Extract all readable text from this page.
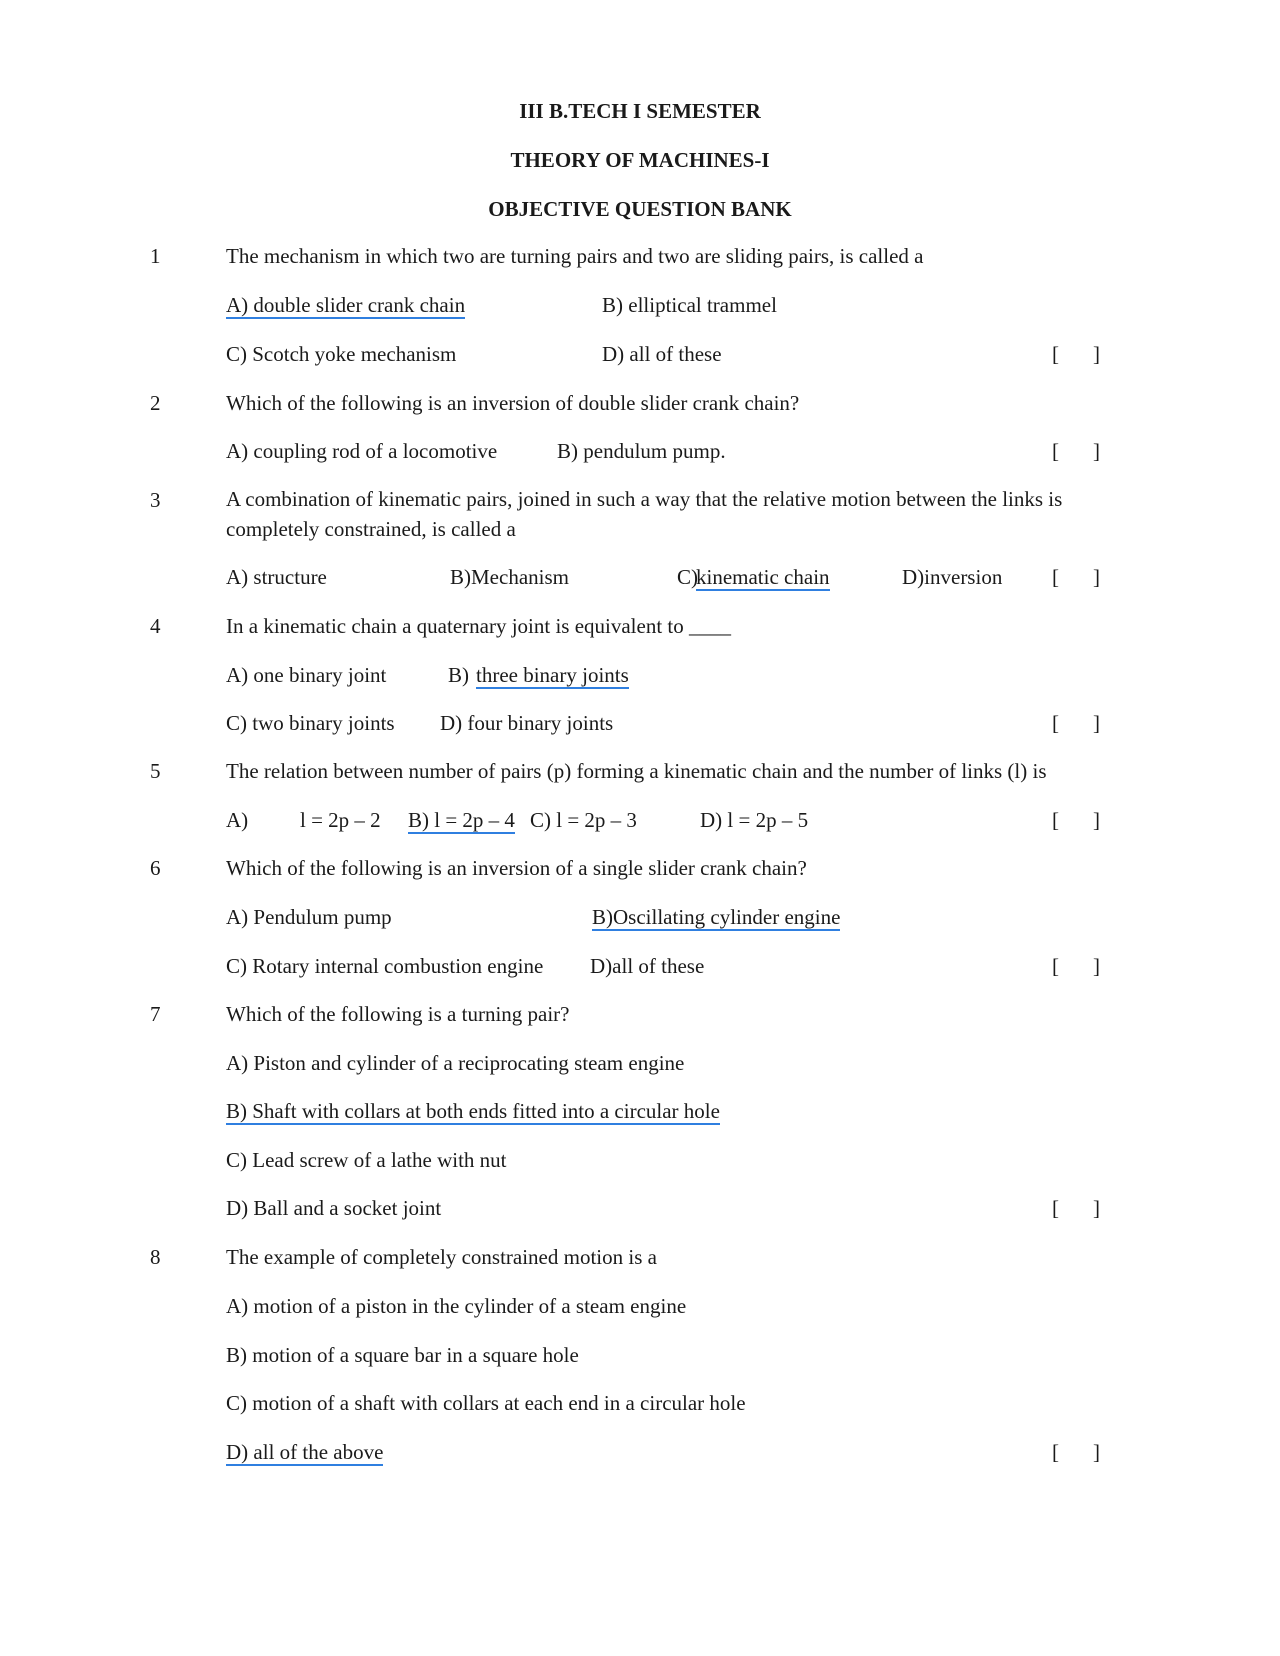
III B.TECH I SEMESTER
THEORY OF MACHINES-I
OBJECTIVE QUESTION BANK
1	The mechanism in which two are turning pairs and two are sliding pairs, is called a
A) double slider crank chain	B) elliptical trammel
C) Scotch yoke mechanism	D) all of these	[ ]
2	Which of the following is an inversion of double slider crank chain?
A) coupling rod of a locomotive	B) pendulum pump.	[ ]
3	A combination of kinematic pairs, joined in such a way that the relative motion between the links is completely constrained, is called a
A) structure	B)Mechanism	C)
kinematic chain	D)inversion [ ]
4	In a kinematic chain a quaternary joint is equivalent to ____
A) one binary joint	B) three binary joints
C) two binary joints D) four binary joints	[ ]
5	The relation between number of pairs (p) forming a kinematic chain and the number of links (l) is
A) l = 2p – 2 B) l = 2p – 4 C) l = 2p – 3	D) l = 2p – 5	[ ]
6	Which of the following is an inversion of a single slider crank chain?
A) Pendulum pump	B)Oscillating cylinder engine
C) Rotary internal combustion engine D)all of these	[ ]
7	Which of the following is a turning pair?
A) Piston and cylinder of a reciprocating steam engine
B) Shaft with collars at both ends fitted into a circular hole
C) Lead screw of a lathe with nut
D) Ball and a socket joint	[ ]
8	The example of completely constrained motion is a
A) motion of a piston in the cylinder of a steam engine
B) motion of a square bar in a square hole
C) motion of a shaft with collars at each end in a circular hole
D) all of the above	[ ]
